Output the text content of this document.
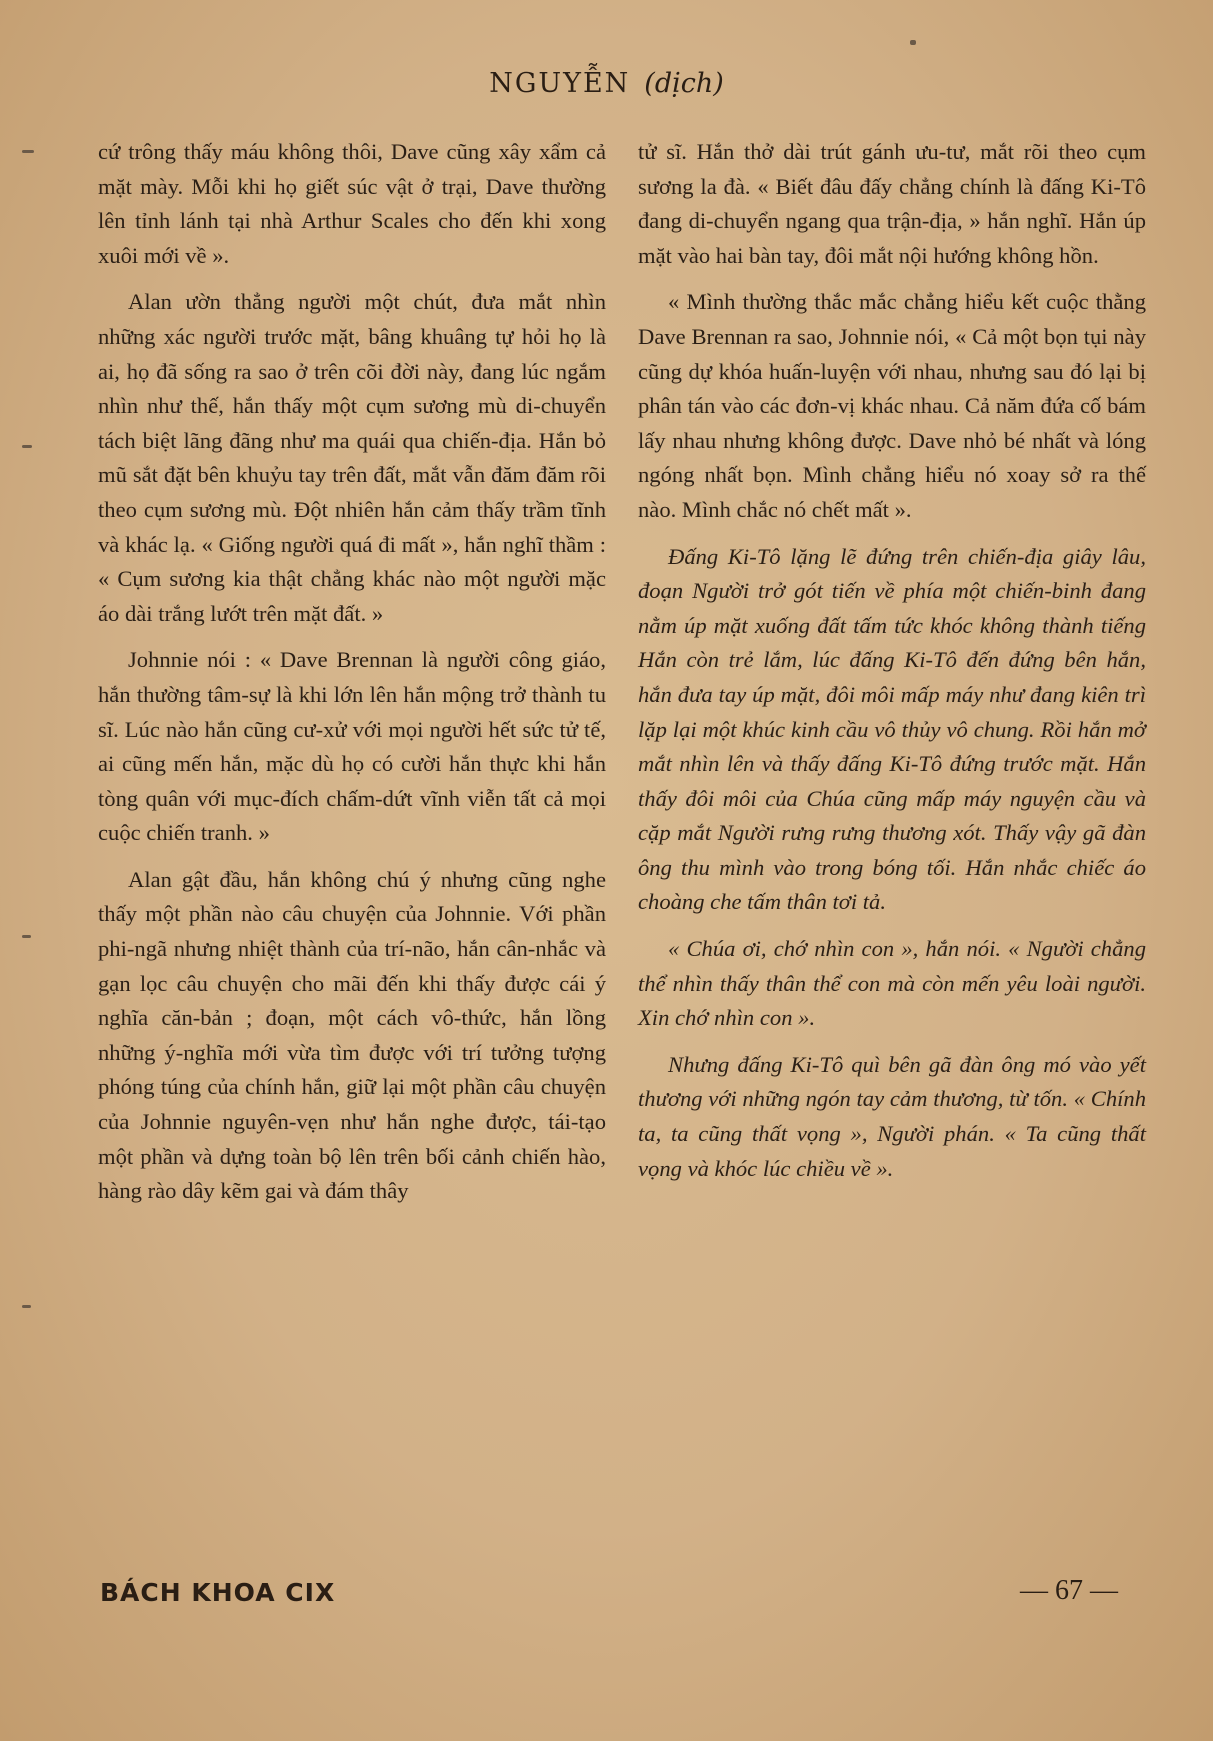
NGUYỄN (dịch)

cứ trông thấy máu không thôi, Dave cũng xây xẩm cả mặt mày. Mỗi khi họ giết súc vật ở trại, Dave thường lên tỉnh lánh tại nhà Arthur Scales cho đến khi xong xuôi mới về ».

Alan ườn thẳng người một chút, đưa mắt nhìn những xác người trước mặt, bâng khuâng tự hỏi họ là ai, họ đã sống ra sao ở trên cõi đời này, đang lúc ngắm nhìn như thế, hắn thấy một cụm sương mù di-chuyển tách biệt lãng đãng như ma quái qua chiến-địa. Hắn bỏ mũ sắt đặt bên khuỷu tay trên đất, mắt vẫn đăm đăm rõi theo cụm sương mù. Đột nhiên hắn cảm thấy trầm tĩnh và khác lạ. « Giống người quá đi mất », hắn nghĩ thầm : « Cụm sương kia thật chẳng khác nào một người mặc áo dài trắng lướt trên mặt đất. »

Johnnie nói : « Dave Brennan là người công giáo, hắn thường tâm-sự là khi lớn lên hắn mộng trở thành tu sĩ. Lúc nào hắn cũng cư-xử với mọi người hết sức tử tế, ai cũng mến hắn, mặc dù họ có cười hắn thực khi hắn tòng quân với mục-đích chấm-dứt vĩnh viễn tất cả mọi cuộc chiến tranh. »

Alan gật đầu, hắn không chú ý nhưng cũng nghe thấy một phần nào câu chuyện của Johnnie. Với phần phi-ngã nhưng nhiệt thành của trí-não, hắn cân-nhắc và gạn lọc câu chuyện cho mãi đến khi thấy được cái ý nghĩa căn-bản ; đoạn, một cách vô-thức, hắn lồng những ý-nghĩa mới vừa tìm được với trí tưởng tượng phóng túng của chính hắn, giữ lại một phần câu chuyện của Johnnie nguyên-vẹn như hắn nghe được, tái-tạo một phần và dựng toàn bộ lên trên bối cảnh chiến hào, hàng rào dây kẽm gai và đám thây

tử sĩ. Hắn thở dài trút gánh ưu-tư, mắt rõi theo cụm sương la đà. « Biết đâu đấy chẳng chính là đấng Ki-Tô đang di-chuyển ngang qua trận-địa, » hắn nghĩ. Hắn úp mặt vào hai bàn tay, đôi mắt nội hướng không hồn.

« Mình thường thắc mắc chẳng hiểu kết cuộc thằng Dave Brennan ra sao, Johnnie nói, « Cả một bọn tụi này cũng dự khóa huấn-luyện với nhau, nhưng sau đó lại bị phân tán vào các đơn-vị khác nhau. Cả năm đứa cố bám lấy nhau nhưng không được. Dave nhỏ bé nhất và lóng ngóng nhất bọn. Mình chẳng hiểu nó xoay sở ra thế nào. Mình chắc nó chết mất ».

Đấng Ki-Tô lặng lẽ đứng trên chiến-địa giây lâu, đoạn Người trở gót tiến về phía một chiến-binh đang nằm úp mặt xuống đất tấm tức khóc không thành tiếng Hắn còn trẻ lắm, lúc đấng Ki-Tô đến đứng bên hắn, hắn đưa tay úp mặt, đôi môi mấp máy như đang kiên trì lặp lại một khúc kinh cầu vô thủy vô chung. Rồi hắn mở mắt nhìn lên và thấy đấng Ki-Tô đứng trước mặt. Hắn thấy đôi môi của Chúa cũng mấp máy nguyện cầu và cặp mắt Người rưng rưng thương xót. Thấy vậy gã đàn ông thu mình vào trong bóng tối. Hắn nhắc chiếc áo choàng che tấm thân tơi tả.

« Chúa ơi, chớ nhìn con », hắn nói. « Người chẳng thể nhìn thấy thân thể con mà còn mến yêu loài người. Xin chớ nhìn con ».

Nhưng đấng Ki-Tô quì bên gã đàn ông mó vào yết thương với những ngón tay cảm thương, từ tốn. « Chính ta, ta cũng thất vọng », Người phán. « Ta cũng thất vọng và khóc lúc chiều về ».

BÁCH KHOA CIX	— 67 —
